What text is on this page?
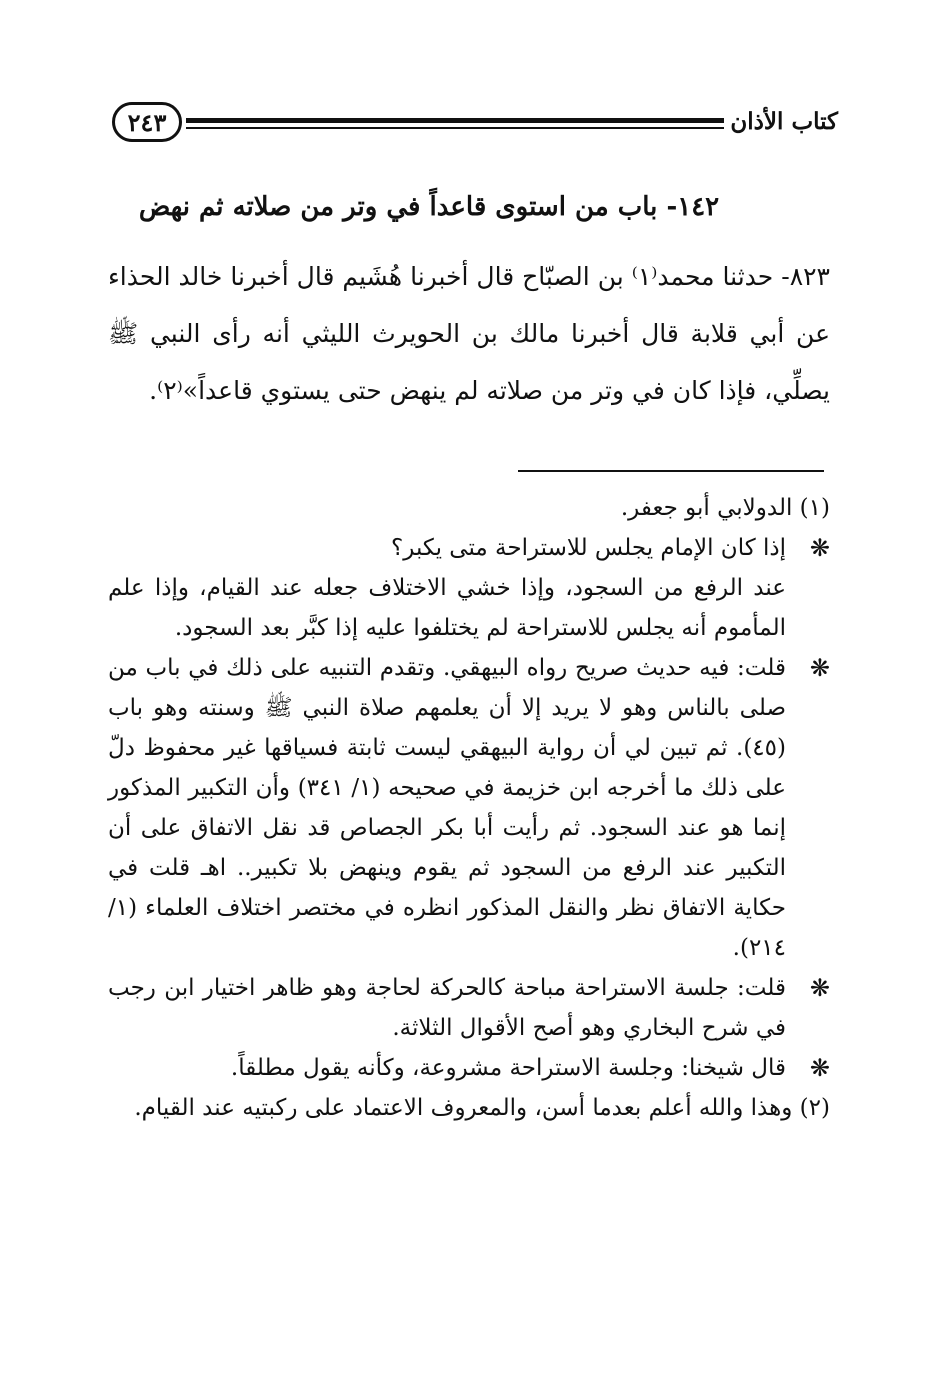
كتاب الأذان
٢٤٣
١٤٢- باب من استوى قاعداً في وتر من صلاته ثم نهض
٨٢٣- حدثنا محمد⁽١⁾ بن الصبّاح قال أخبرنا هُشَيم قال أخبرنا خالد الحذاء عن أبي قلابة قال أخبرنا مالك بن الحويرث الليثي أنه رأى النبي ﷺ يصلِّي، فإذا كان في وتر من صلاته لم ينهض حتى يستوي قاعداً»⁽٢⁾.

(١) الدولابي أبو جعفر.

❋
إذا كان الإمام يجلس للاستراحة متى يكبر؟

عند الرفع من السجود، وإذا خشي الاختلاف جعله عند القيام، وإذا علم المأموم أنه يجلس للاستراحة لم يختلفوا عليه إذا كبَّر بعد السجود.

❋
قلت: فيه حديث صريح رواه البيهقي. وتقدم التنبيه على ذلك في باب من صلى بالناس وهو لا يريد إلا أن يعلمهم صلاة النبي ﷺ وسنته وهو باب (٤٥). ثم تبين لي أن رواية البيهقي ليست ثابتة فسياقها غير محفوظ دلّ على ذلك ما أخرجه ابن خزيمة في صحيحه (١/ ٣٤١) وأن التكبير المذكور إنما هو عند السجود. ثم رأيت أبا بكر الجصاص قد نقل الاتفاق على أن التكبير عند الرفع من السجود ثم يقوم وينهض بلا تكبير.. اهـ قلت في حكاية الاتفاق نظر والنقل المذكور انظره في مختصر اختلاف العلماء (١/ ٢١٤).

❋
قلت: جلسة الاستراحة مباحة كالحركة لحاجة وهو ظاهر اختيار ابن رجب في شرح البخاري وهو أصح الأقوال الثلاثة.

❋
قال شيخنا: وجلسة الاستراحة مشروعة، وكأنه يقول مطلقاً.

(٢) وهذا والله أعلم بعدما أسن، والمعروف الاعتماد على ركبتيه عند القيام.
